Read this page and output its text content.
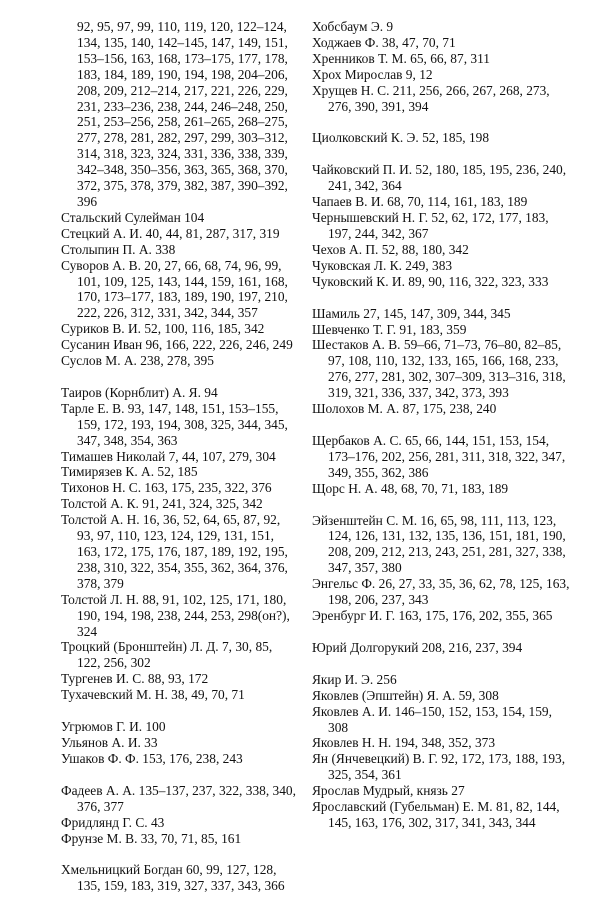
92, 95, 97, 99, 110, 119, 120, 122–124, 134, 135, 140, 142–145, 147, 149, 151, 153–156, 163, 168, 173–175, 177, 178, 183, 184, 189, 190, 194, 198, 204–206, 208, 209, 212–214, 217, 221, 226, 229, 231, 233–236, 238, 244, 246–248, 250, 251, 253–256, 258, 261–265, 268–275, 277, 278, 281, 282, 297, 299, 303–312, 314, 318, 323, 324, 331, 336, 338, 339, 342–348, 350–356, 363, 365, 368, 370, 372, 375, 378, 379, 382, 387, 390–392, 396

Стальский Сулейман 104

Стецкий А. И. 40, 44, 81, 287, 317, 319

Столыпин П. А. 338

Суворов А. В. 20, 27, 66, 68, 74, 96, 99, 101, 109, 125, 143, 144, 159, 161, 168, 170, 173–177, 183, 189, 190, 197, 210, 222, 226, 312, 331, 342, 344, 357

Суриков В. И. 52, 100, 116, 185, 342

Сусанин Иван 96, 166, 222, 226, 246, 249

Суслов М. А. 238, 278, 395

Таиров (Корнблит) А. Я. 94

Тарле Е. В. 93, 147, 148, 151, 153–155, 159, 172, 193, 194, 308, 325, 344, 345, 347, 348, 354, 363

Тимашев Николай 7, 44, 107, 279, 304

Тимирязев К. А. 52, 185

Тихонов Н. С. 163, 175, 235, 322, 376

Толстой А. К. 91, 241, 324, 325, 342

Толстой А. Н. 16, 36, 52, 64, 65, 87, 92, 93, 97, 110, 123, 124, 129, 131, 151, 163, 172, 175, 176, 187, 189, 192, 195, 238, 310, 322, 354, 355, 362, 364, 376, 378, 379

Толстой Л. Н. 88, 91, 102, 125, 171, 180, 190, 194, 198, 238, 244, 253, 298(он?), 324

Троцкий (Бронштейн) Л. Д. 7, 30, 85, 122, 256, 302

Тургенев И. С. 88, 93, 172

Тухачевский М. Н. 38, 49, 70, 71

Угрюмов Г. И. 100

Ульянов А. И. 33

Ушаков Ф. Ф. 153, 176, 238, 243

Фадеев А. А. 135–137, 237, 322, 338, 340, 376, 377

Фридлянд Г. С. 43

Фрунзе М. В. 33, 70, 71, 85, 161

Хмельницкий Богдан 60, 99, 127, 128, 135, 159, 183, 319, 327, 337, 343, 366

Хобсбаум Э. 9

Ходжаев Ф. 38, 47, 70, 71

Хренников Т. М. 65, 66, 87, 311

Хрох Мирослав 9, 12

Хрущев Н. С. 211, 256, 266, 267, 268, 273, 276, 390, 391, 394

Циолковский К. Э. 52, 185, 198

Чайковский П. И. 52, 180, 185, 195, 236, 240, 241, 342, 364

Чапаев В. И. 68, 70, 114, 161, 183, 189

Чернышевский Н. Г. 52, 62, 172, 177, 183, 197, 244, 342, 367

Чехов А. П. 52, 88, 180, 342

Чуковская Л. К. 249, 383

Чуковский К. И. 89, 90, 116, 322, 323, 333

Шамиль 27, 145, 147, 309, 344, 345

Шевченко Т. Г. 91, 183, 359

Шестаков А. В. 59–66, 71–73, 76–80, 82–85, 97, 108, 110, 132, 133, 165, 166, 168, 233, 276, 277, 281, 302, 307–309, 313–316, 318, 319, 321, 336, 337, 342, 373, 393

Шолохов М. А. 87, 175, 238, 240

Щербаков А. С. 65, 66, 144, 151, 153, 154, 173–176, 202, 256, 281, 311, 318, 322, 347, 349, 355, 362, 386

Щорс Н. А. 48, 68, 70, 71, 183, 189

Эйзенштейн С. М. 16, 65, 98, 111, 113, 123, 124, 126, 131, 132, 135, 136, 151, 181, 190, 208, 209, 212, 213, 243, 251, 281, 327, 338, 347, 357, 380

Энгельс Ф. 26, 27, 33, 35, 36, 62, 78, 125, 163, 198, 206, 237, 343

Эренбург И. Г. 163, 175, 176, 202, 355, 365

Юрий Долгорукий 208, 216, 237, 394

Якир И. Э. 256

Яковлев (Эпштейн) Я. А. 59, 308

Яковлев А. И. 146–150, 152, 153, 154, 159, 308

Яковлев Н. Н. 194, 348, 352, 373

Ян (Янчевецкий) В. Г. 92, 172, 173, 188, 193, 325, 354, 361

Ярослав Мудрый, князь 27

Ярославский (Губельман) Е. М. 81, 82, 144, 145, 163, 176, 302, 317, 341, 343, 344
